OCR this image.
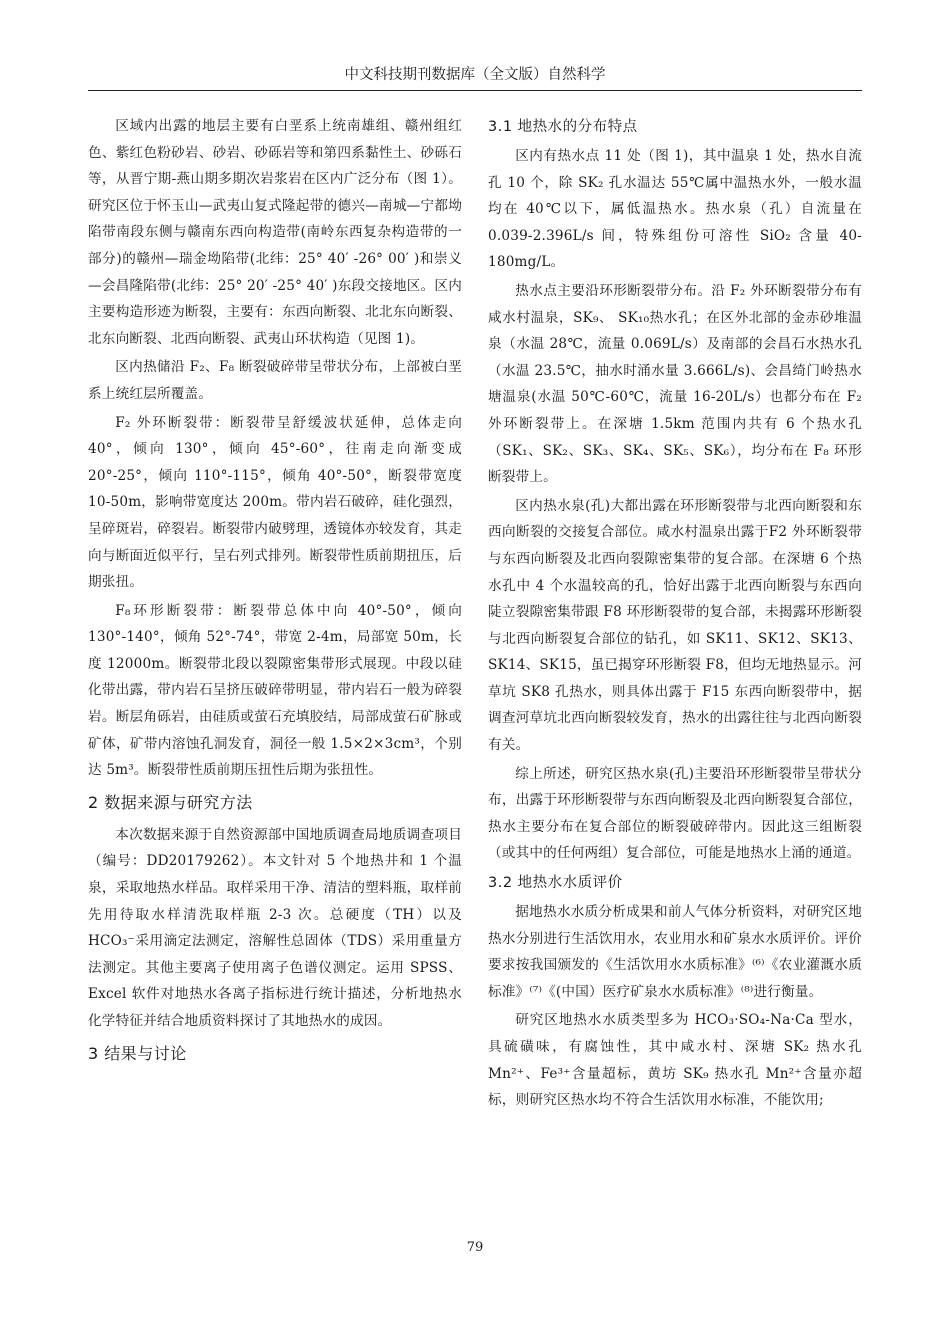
中文科技期刊数据库（全文版）自然科学

区域内出露的地层主要有白垩系上统南雄组、赣州组红色、紫红色粉砂岩、砂岩、砂砾岩等和第四系黏性土、砂砾石等，从晋宁期-燕山期多期次岩浆岩在区内广泛分布（图 1）。研究区位于怀玉山—武夷山复式隆起带的德兴—南城—宁都坳陷带南段东侧与赣南东西向构造带(南岭东西复杂构造带的一部分)的赣州—瑞金坳陷带(北纬：25° 40′ -26° 00′ )和崇义—会昌隆陷带(北纬：25° 20′ -25° 40′ )东段交接地区。区内主要构造形迹为断裂，主要有：东西向断裂、北北东向断裂、北东向断裂、北西向断裂、武夷山环状构造（见图 1)。

区内热储沿 F₂、F₈ 断裂破碎带呈带状分布，上部被白垩系上统红层所覆盖。

F₂ 外环断裂带：断裂带呈舒缓波状延伸，总体走向 40°，倾向 130°，倾向 45°-60°，往南走向渐变成 20°-25°，倾向 110°-115°，倾角 40°-50°，断裂带宽度 10-50m，影响带宽度达 200m。带内岩石破碎，硅化强烈，呈碎斑岩，碎裂岩。断裂带内破劈理，透镜体亦较发育，其走向与断面近似平行，呈右列式排列。断裂带性质前期扭压，后期张扭。

F₈环形断裂带：断裂带总体中向 40°-50°，倾向 130°-140°，倾角 52°-74°，带宽 2-4m，局部宽 50m，长度 12000m。断裂带北段以裂隙密集带形式展现。中段以硅化带出露，带内岩石呈挤压破碎带明显，带内岩石一般为碎裂岩。断层角砾岩，由硅质或萤石充填胶结，局部成萤石矿脉或矿体，矿带内溶蚀孔洞发育，洞径一般 1.5×2×3cm³，个别达 5m³。断裂带性质前期压扭性后期为张扭性。

2 数据来源与研究方法

本次数据来源于自然资源部中国地质调查局地质调查项目（编号：DD20179262）。本文针对 5 个地热井和 1 个温泉，采取地热水样品。取样采用干净、清洁的塑料瓶，取样前先用待取水样清洗取样瓶 2-3 次。总硬度（TH）以及 HCO₃⁻采用滴定法测定，溶解性总固体（TDS）采用重量方法测定。其他主要离子使用离子色谱仪测定。运用 SPSS、Excel 软件对地热水各离子指标进行统计描述，分析地热水化学特征并结合地质资料探讨了其地热水的成因。

3 结果与讨论
3.1 地热水的分布特点

区内有热水点 11 处（图 1)，其中温泉 1 处，热水自流孔 10 个，除 SK₂ 孔水温达 55℃属中温热水外，一般水温均在 40℃以下，属低温热水。热水泉（孔）自流量在 0.039-2.396L/s 间，特殊组份可溶性 SiO₂ 含量 40-180mg/L。

热水点主要沿环形断裂带分布。沿 F₂ 外环断裂带分布有咸水村温泉，SK₉、 SK₁₀热水孔；在区外北部的金赤砂堆温泉（水温 28℃，流量 0.069L/s）及南部的会昌石水热水孔（水温 23.5℃，抽水时涌水量 3.666L/s)、会昌绮门岭热水塘温泉(水温 50℃-60℃，流量 16-20L/s）也都分布在 F₂ 外环断裂带上。在深塘 1.5km 范围内共有 6 个热水孔（SK₁、SK₂、SK₃、SK₄、SK₅、SK₆），均分布在 F₈ 环形断裂带上。

区内热水泉(孔)大都出露在环形断裂带与北西向断裂和东西向断裂的交接复合部位。咸水村温泉出露于F2 外环断裂带与东西向断裂及北西向裂隙密集带的复合部。在深塘 6 个热水孔中 4 个水温较高的孔，恰好出露于北西向断裂与东西向陡立裂隙密集带跟 F8 环形断裂带的复合部，未揭露环形断裂与北西向断裂复合部位的钻孔，如 SK11、SK12、SK13、SK14、SK15，虽已揭穿环形断裂 F8，但均无地热显示。河草坑 SK8 孔热水，则具体出露于 F15 东西向断裂带中，据调查河草坑北西向断裂较发育，热水的出露往往与北西向断裂有关。

综上所述，研究区热水泉(孔)主要沿环形断裂带呈带状分布，出露于环形断裂带与东西向断裂及北西向断裂复合部位，热水主要分布在复合部位的断裂破碎带内。因此这三组断裂（或其中的任何两组）复合部位，可能是地热水上涌的通道。

3.2 地热水水质评价

据地热水水质分析成果和前人气体分析资料，对研究区地热水分别进行生活饮用水，农业用水和矿泉水水质评价。评价要求按我国颁发的《生活饮用水水质标准》⁽⁶⁾《农业灌溉水质标准》⁽⁷⁾《(中国）医疗矿泉水水质标准》⁽⁸⁾进行衡量。

研究区地热水水质类型多为 HCO₃·SO₄-Na·Ca 型水，具硫磺味，有腐蚀性，其中咸水村、深塘 SK₂ 热水孔 Mn²⁺、Fe³⁺含量超标，黄坊 SK₉ 热水孔 Mn²⁺含量亦超标，则研究区热水均不符合生活饮用水标准，不能饮用;

79
